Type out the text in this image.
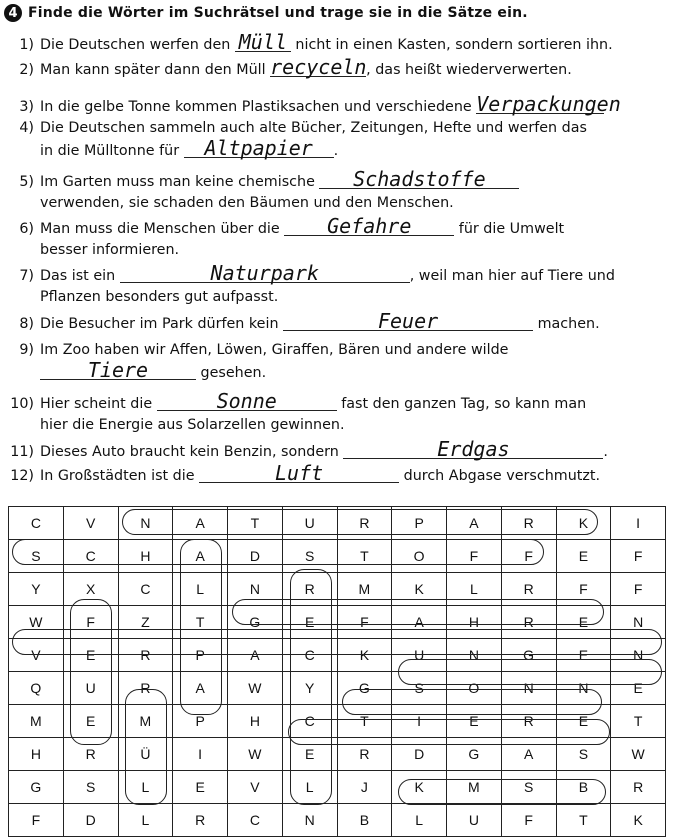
4 Finde die Wörter im Suchrätsel und trage sie in die Sätze ein.
1) Die Deutschen werfen den Müll nicht in einen Kasten, sondern sortieren ihn.
2) Man kann später dann den Müll recyceln, das heißt wiederverwerten.
3) In die gelbe Tonne kommen Plastiksachen und verschiedene Verpackungen
4) Die Deutschen sammeln auch alte Bücher, Zeitungen, Hefte und werfen das
in die Mülltonne für Altpapier .
5) Im Garten muss man keine chemische Schadstoffe
verwenden, sie schaden den Bäumen und den Menschen.
6) Man muss die Menschen über die Gefahre	für die Umwelt
besser informieren.
7) Das ist ein	Naturpark	, weil man hier auf Tiere und
Pflanzen besonders gut aufpasst.
8) Die Besucher im Park dürfen kein	Feuer	machen.
9) Im Zoo haben wir Affen, Löwen, Giraffen, Bären und andere wilde
Tiere	gesehen.
10) Hier scheint die	Sonne	fast den ganzen Tag, so kann man
hier die Energie aus Solarzellen gewinnen.
11) Dieses Auto braucht kein Benzin, sondern	Erdgas	.
12) In Großstädten ist die	Luft	durch Abgase verschmutzt.
C	V	N	A	T	U	R	P	A	R	K	I
S	C	H	A	D	S	T	O	F	F	E	F
Y	X	C	L	N	R	M	K	L	R	F	F
W	F	Z	T	G	E	F	A	H	R	E	N
V	E	R	P	A	C	K	U	N	G	E	N
Q	U	R	A	W	Y	G	S	O	N	N	E
M	E	M	P	H	C	T	I	E	R	E	T
H	R	Ü	I	W	E	R	D	G	A	S	W
G	S	L	E	V	L	J	K	M	S	B	R
F	D	L	R	C	N	B	L	U	F	T	K
